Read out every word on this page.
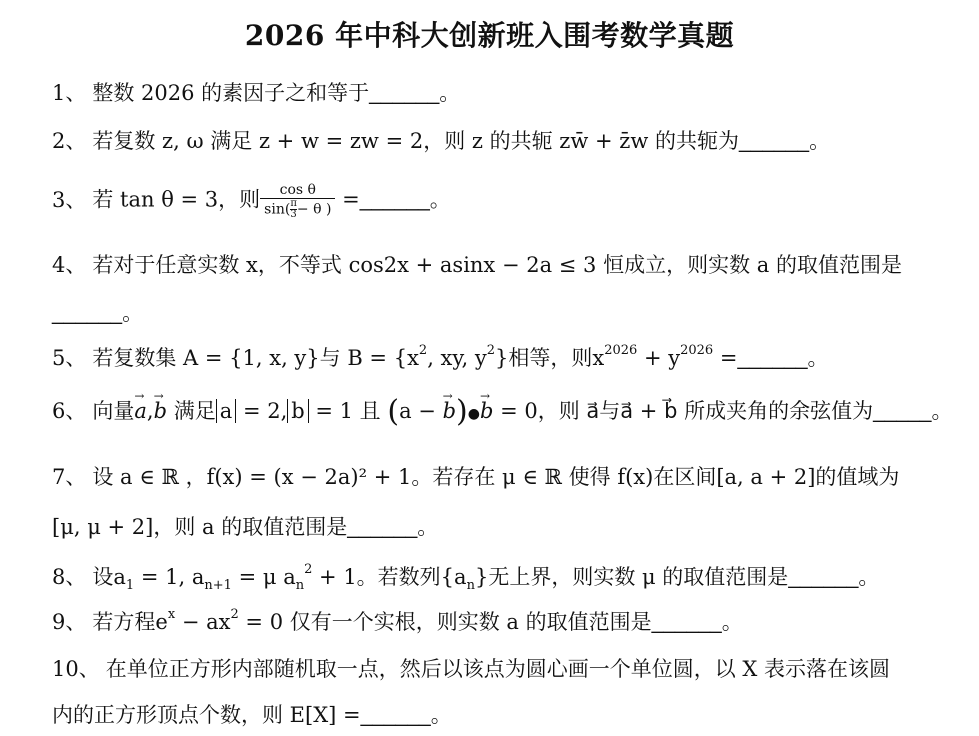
2026 年中科大创新班入围考数学真题
1、 整数 2026 的素因子之和等于______。
2、 若复数 z, ω 满足 z + w = zw = 2，则 z 的共轭 zw̄ + z̄w 的共轭为______。
3、 若 tan θ = 3，则 $\frac{\text{cos θ}}{\sin( \frac{\pi}{3} - \theta )}$ =______。
4、 若对于任意实数 x，不等式 cos2x + asinx − 2a ≤ 3 恒成立，则实数 a 的取值范围是
______。
5、 若复数集 A = {1, x, y}与 $B = \{x^2$, xy, $y^2$}相等，则$x^{2026} + y^{2026}$ =______。
6、 向量→ a,→ b 满足 a = 2, b = 1 且 (a − → b)●→ b = 0，则 a⃗与a⃗ + b⃗ 所成夹角的余弦值为_____。
7、 设 a ∈ ℝ ，f(x) = (x − 2a)² + 1。若存在 μ ∈ ℝ 使得 f(x)在区间[a, a + 2]的值域为
[μ, μ + 2]，则 a 的取值范围是______。
8、 设$a_1 = 1$, $a_{n+1} = \mu$ $a_n^2 + 1$。若数列$\{a_n\}$无上界，则实数 μ 的取值范围是______。
9、 若方程$e^x - ax^2 = 0$ 仅有一个实根，则实数 a 的取值范围是______。
10、 在单位正方形内部随机取一点，然后以该点为圆心画一个单位圆，以 X 表示落在该圆
内的正方形顶点个数，则 E[X] =______。
